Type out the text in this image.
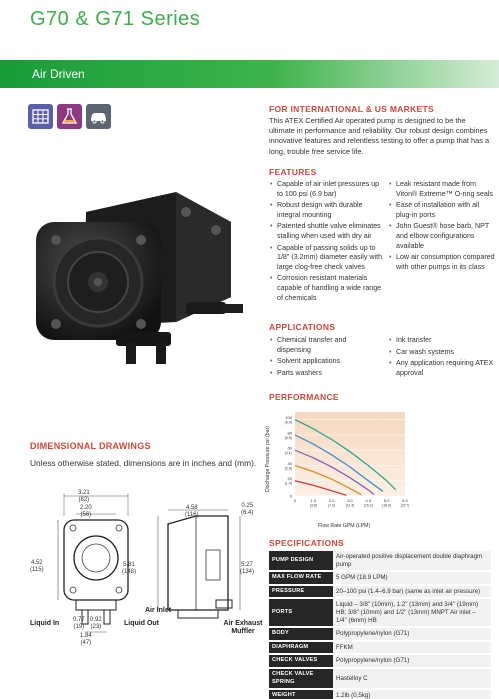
G70 & G71 Series
Air Driven
DIMENSIONAL DRAWINGS
Unless otherwise stated, dimensions are in inches and (mm).
3.21
(82)
2.20
(56)
4.52
(115)
0.77
(19)
0.92
(23)
1.84
(47)
4.58
(116)
0.25
(6.4)
5.81
(148)
5.27
(134)
Liquid In	Liquid Out
Air Inlet
Air Exhaust Muffler
FOR INTERNATIONAL & US MARKETS
This ATEX Certified Air operated pump is designed to be the ultimate in performance and reliability. Our robust design combines innovative features and relentless testing to offer a pump that has a long, trouble free service life.
FEATURES
• Capable of air inlet pressures up to 100 psi (6.9 bar)
• Robust design with durable integral mounting
• Patented shuttle valve eliminates stalling when used with dry air
• Capable of passing solids up to 1/8" (3.2mm) diameter easily with large clog-free check valves
• Corrosion resistant materials capable of handling a wide range of chemicals
• Leak resistant made from Viton® Extreme™ O-ring seals
• Ease of installation with all plug-in ports
• John Guest® hose barb, NPT and elbow configurations available
• Low air consumption compared with other pumps in its class
APPLICATIONS
• Chemical transfer and dispensing
• Solvent applications
• Parts washers
• Ink transfer
• Car wash systems
• Any application requiring ATEX approval
PERFORMANCE
0
20
(1.4)
40
(2.8)
60
(4.1)
80
(5.5)
100
(6.9)
0	1.0
(3.8)
2.0
(7.6)
3.0
(11.4)
4.0
(15.2)
5.0
(18.9)
6.0
(22.7)
Discharge Pressure psi (bar)
Flow Rate GPM (LPM)
SPECIFICATIONS
PUMP DESIGN	Air-operated positive displacement double diaphragm pump
MAX FLOW RATE	5 GPM (18.9 LPM)
PRESSURE	20–100 psi (1.4–6.9 bar) (same as inlet air pressure)
PORTS	Liquid – 3/8" (10mm), 1.2" (13mm) and 3/4" (19mm) HB; 3/8" (10mm) and 1/2" (13mm) MNPT Air inlet – 1/4" (6mm) HB
BODY	Polypropylene/nylon (G71)
DIAPHRAGM	FFKM
CHECK VALVES	Polypropylene/nylon (G71)
CHECK VALVE SPRING	Hastelloy C
WEIGHT	1.2lb (0.5kg)
